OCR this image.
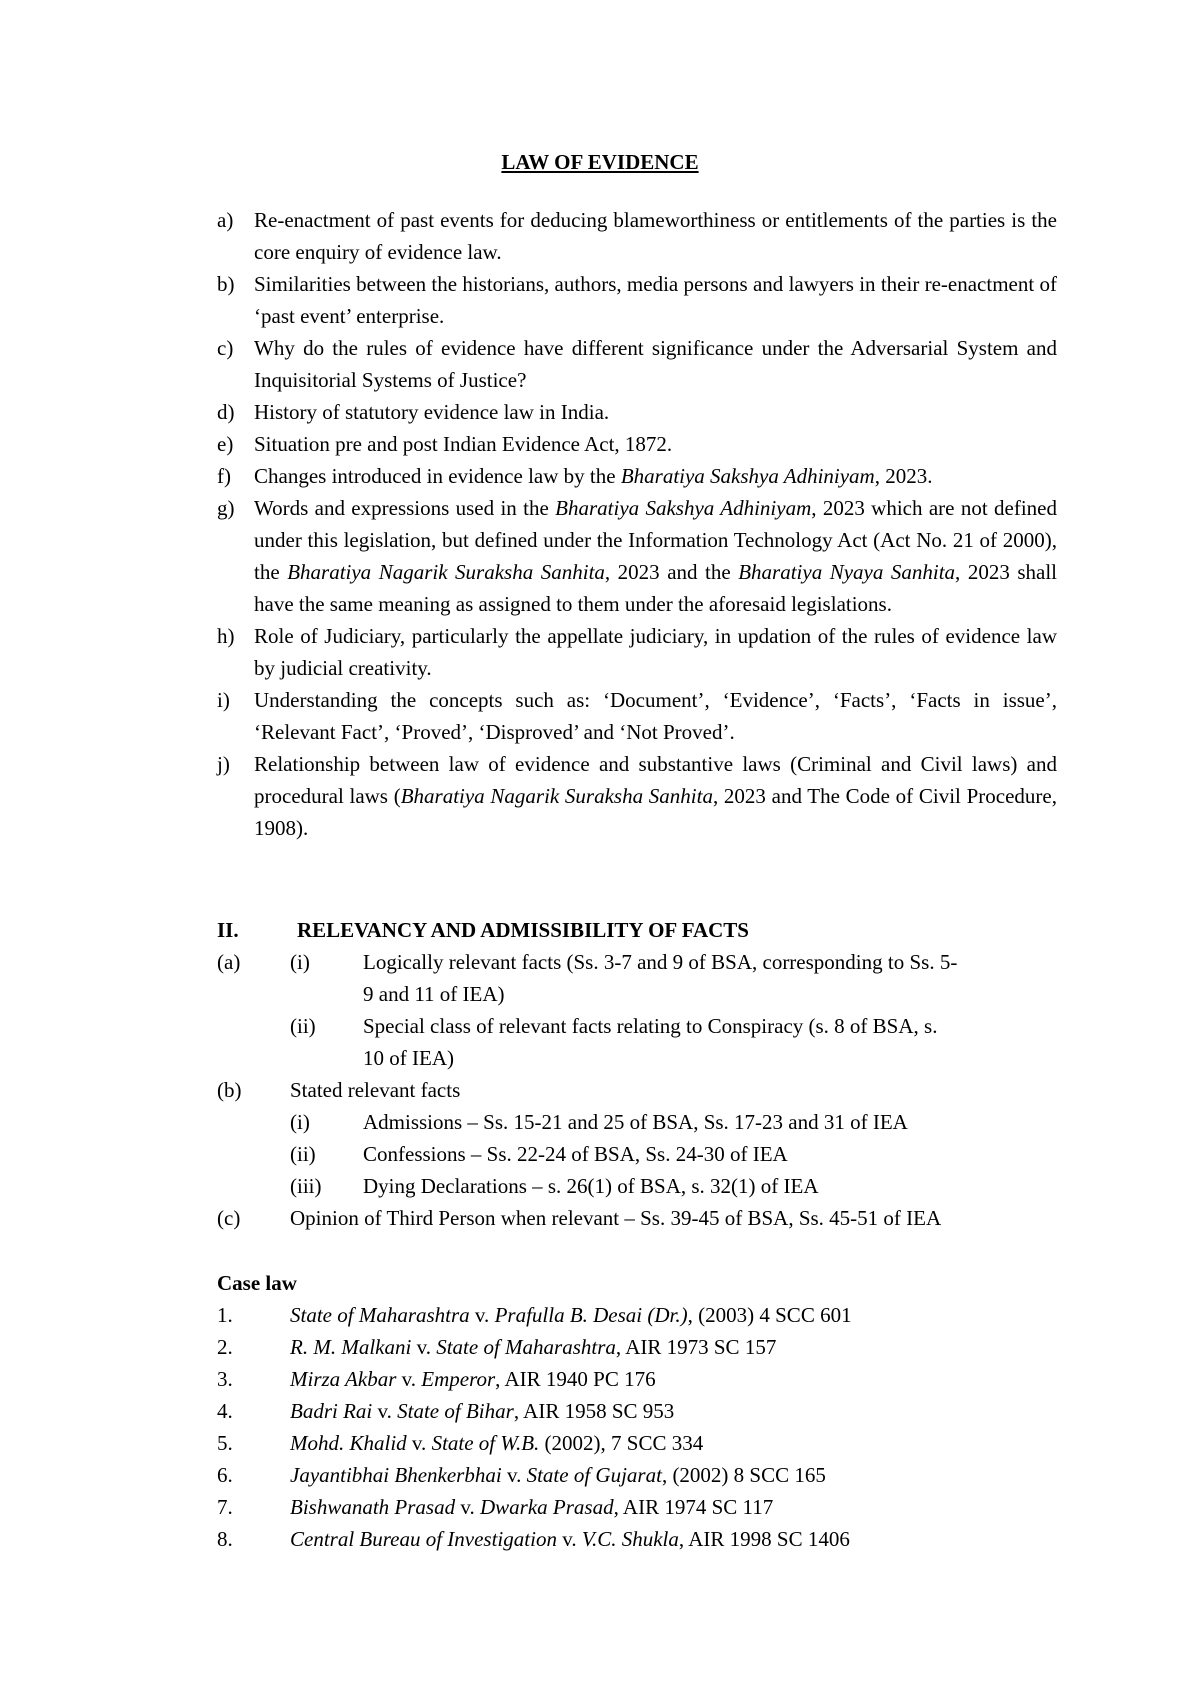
LAW OF EVIDENCE
a) Re-enactment of past events for deducing blameworthiness or entitlements of the parties is the core enquiry of evidence law.
b) Similarities between the historians, authors, media persons and lawyers in their re-enactment of ‘past event’ enterprise.
c) Why do the rules of evidence have different significance under the Adversarial System and Inquisitorial Systems of Justice?
d) History of statutory evidence law in India.
e) Situation pre and post Indian Evidence Act, 1872.
f) Changes introduced in evidence law by the Bharatiya Sakshya Adhiniyam, 2023.
g) Words and expressions used in the Bharatiya Sakshya Adhiniyam, 2023 which are not defined under this legislation, but defined under the Information Technology Act (Act No. 21 of 2000), the Bharatiya Nagarik Suraksha Sanhita, 2023 and the Bharatiya Nyaya Sanhita, 2023 shall have the same meaning as assigned to them under the aforesaid legislations.
h) Role of Judiciary, particularly the appellate judiciary, in updation of the rules of evidence law by judicial creativity.
i) Understanding the concepts such as: ‘Document’, ‘Evidence’, ‘Facts’, ‘Facts in issue’, ‘Relevant Fact’, ‘Proved’, ‘Disproved’ and ‘Not Proved’.
j) Relationship between law of evidence and substantive laws (Criminal and Civil laws) and procedural laws (Bharatiya Nagarik Suraksha Sanhita, 2023 and The Code of Civil Procedure, 1908).
II.	RELEVANCY AND ADMISSIBILITY OF FACTS
(a) (i)	Logically relevant facts (Ss. 3-7 and 9 of BSA, corresponding to Ss. 5-
9 and 11 of IEA)
(ii) Special class of relevant facts relating to Conspiracy (s. 8 of BSA, s.
10 of IEA)
(b) Stated relevant facts
(i)	Admissions – Ss. 15-21 and 25 of BSA, Ss. 17-23 and 31 of IEA
(ii) Confessions – Ss. 22-24 of BSA, Ss. 24-30 of IEA
(iii) Dying Declarations – s. 26(1) of BSA, s. 32(1) of IEA
(c) Opinion of Third Person when relevant – Ss. 39-45 of BSA, Ss. 45-51 of IEA
Case law
1.	State of Maharashtra v. Prafulla B. Desai (Dr.), (2003) 4 SCC 601
2.	R. M. Malkani v. State of Maharashtra, AIR 1973 SC 157
3.	Mirza Akbar v. Emperor, AIR 1940 PC 176
4.	Badri Rai v. State of Bihar, AIR 1958 SC 953
5.	Mohd. Khalid v. State of W.B. (2002), 7 SCC 334
6.	Jayantibhai Bhenkerbhai v. State of Gujarat, (2002) 8 SCC 165
7.	Bishwanath Prasad v. Dwarka Prasad, AIR 1974 SC 117
8.	Central Bureau of Investigation v. V.C. Shukla, AIR 1998 SC 1406
